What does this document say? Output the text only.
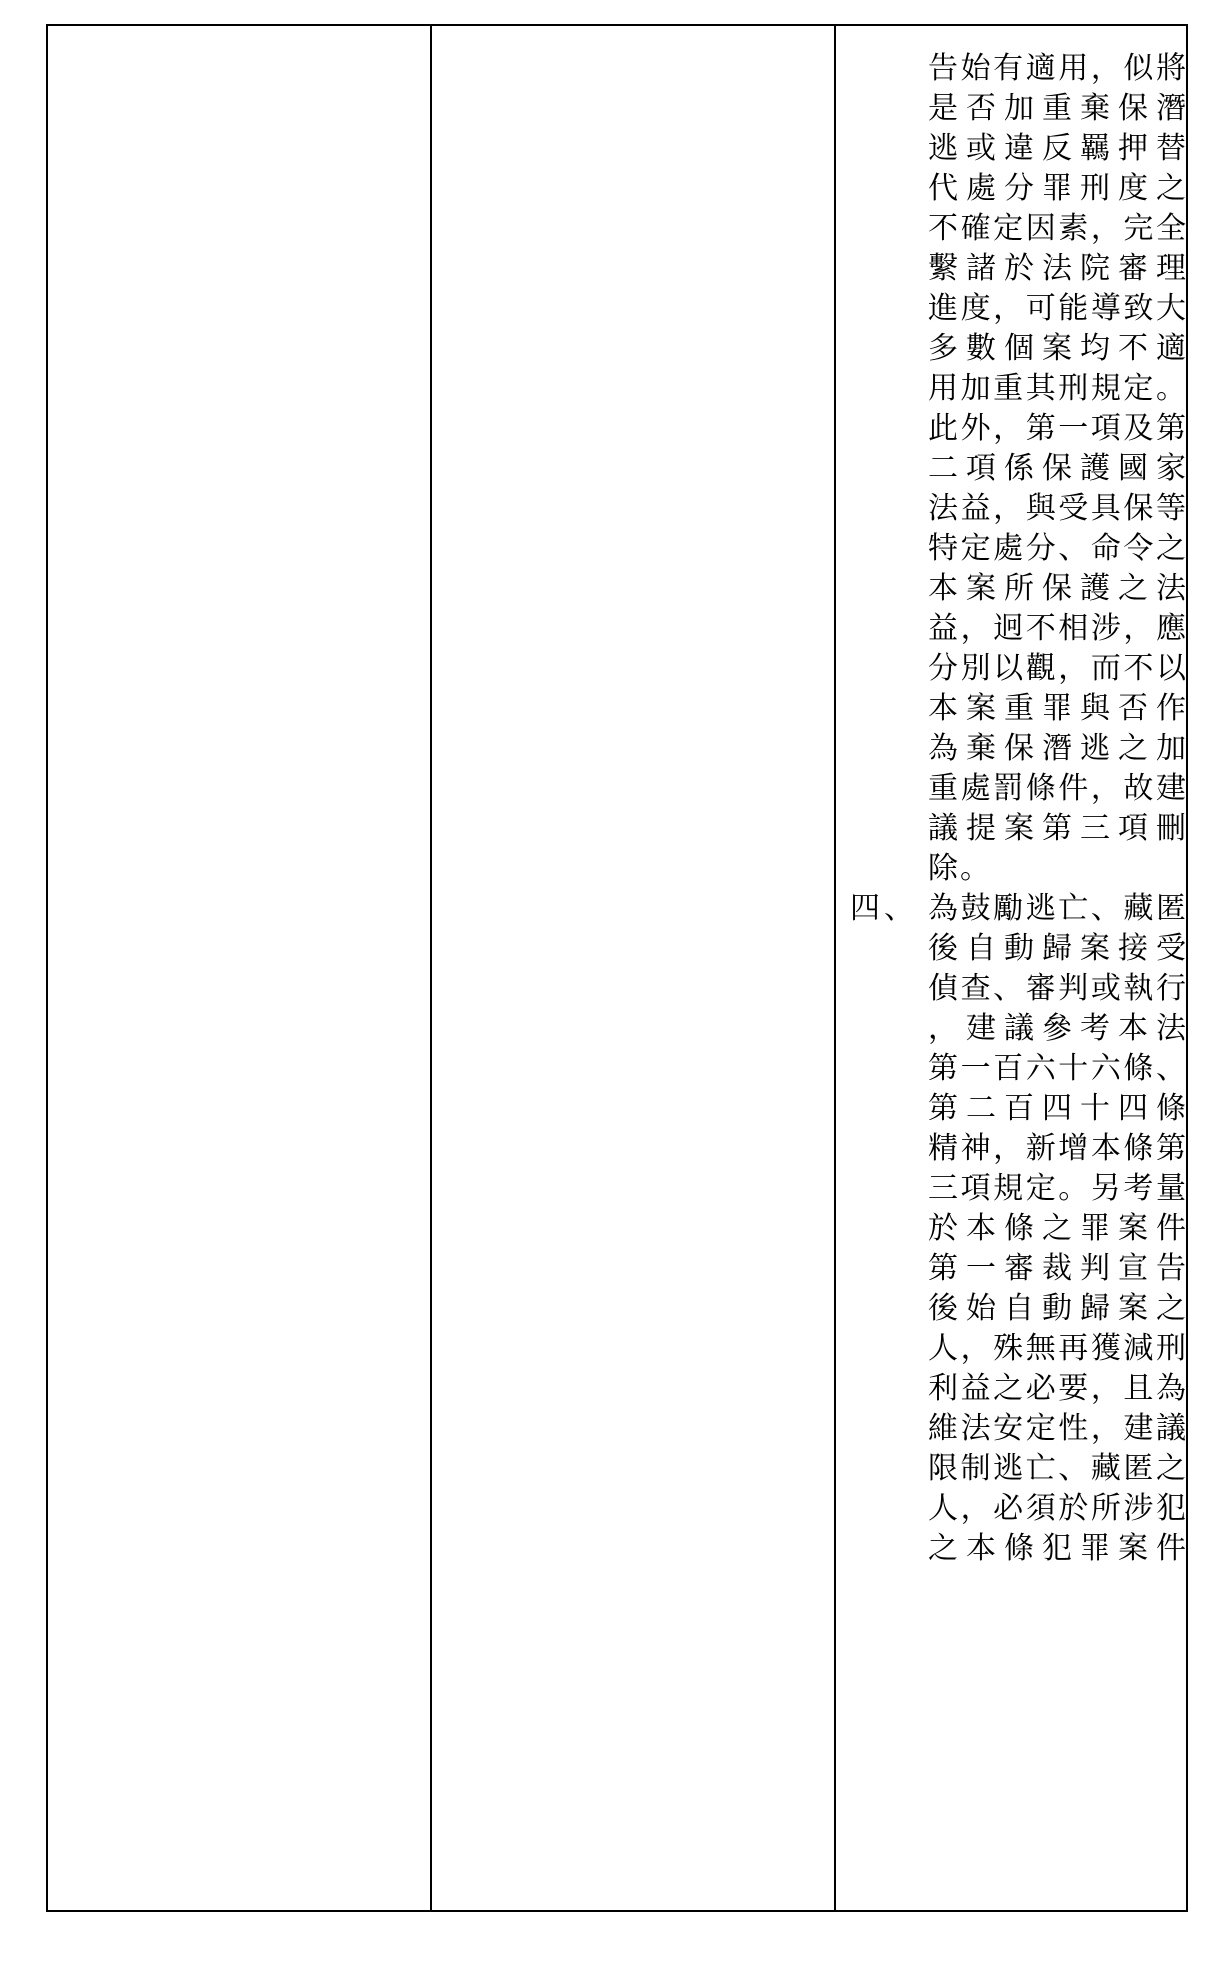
告始有適用，似將
是否加重棄保潛
逃或違反羈押替
代處分罪刑度之
不確定因素，完全
繫諸於法院審理
進度，可能導致大
多數個案均不適
用加重其刑規定。
此外，第一項及第
二項係保護國家
法益，與受具保等
特定處分、命令之
本案所保護之法
益，迥不相涉，應
分別以觀，而不以
本案重罪與否作
為棄保潛逃之加
重處罰條件，故建
議提案第三項刪
除。
四、 為鼓勵逃亡、藏匿
後自動歸案接受
偵查、審判或執行
，建議參考本法
第一百六十六條、
第二百四十四條
精神，新增本條第
三項規定。另考量
於本條之罪案件
第一審裁判宣告
後始自動歸案之
人，殊無再獲減刑
利益之必要，且為
維法安定性，建議
限制逃亡、藏匿之
人，必須於所涉犯
之本條犯罪案件
